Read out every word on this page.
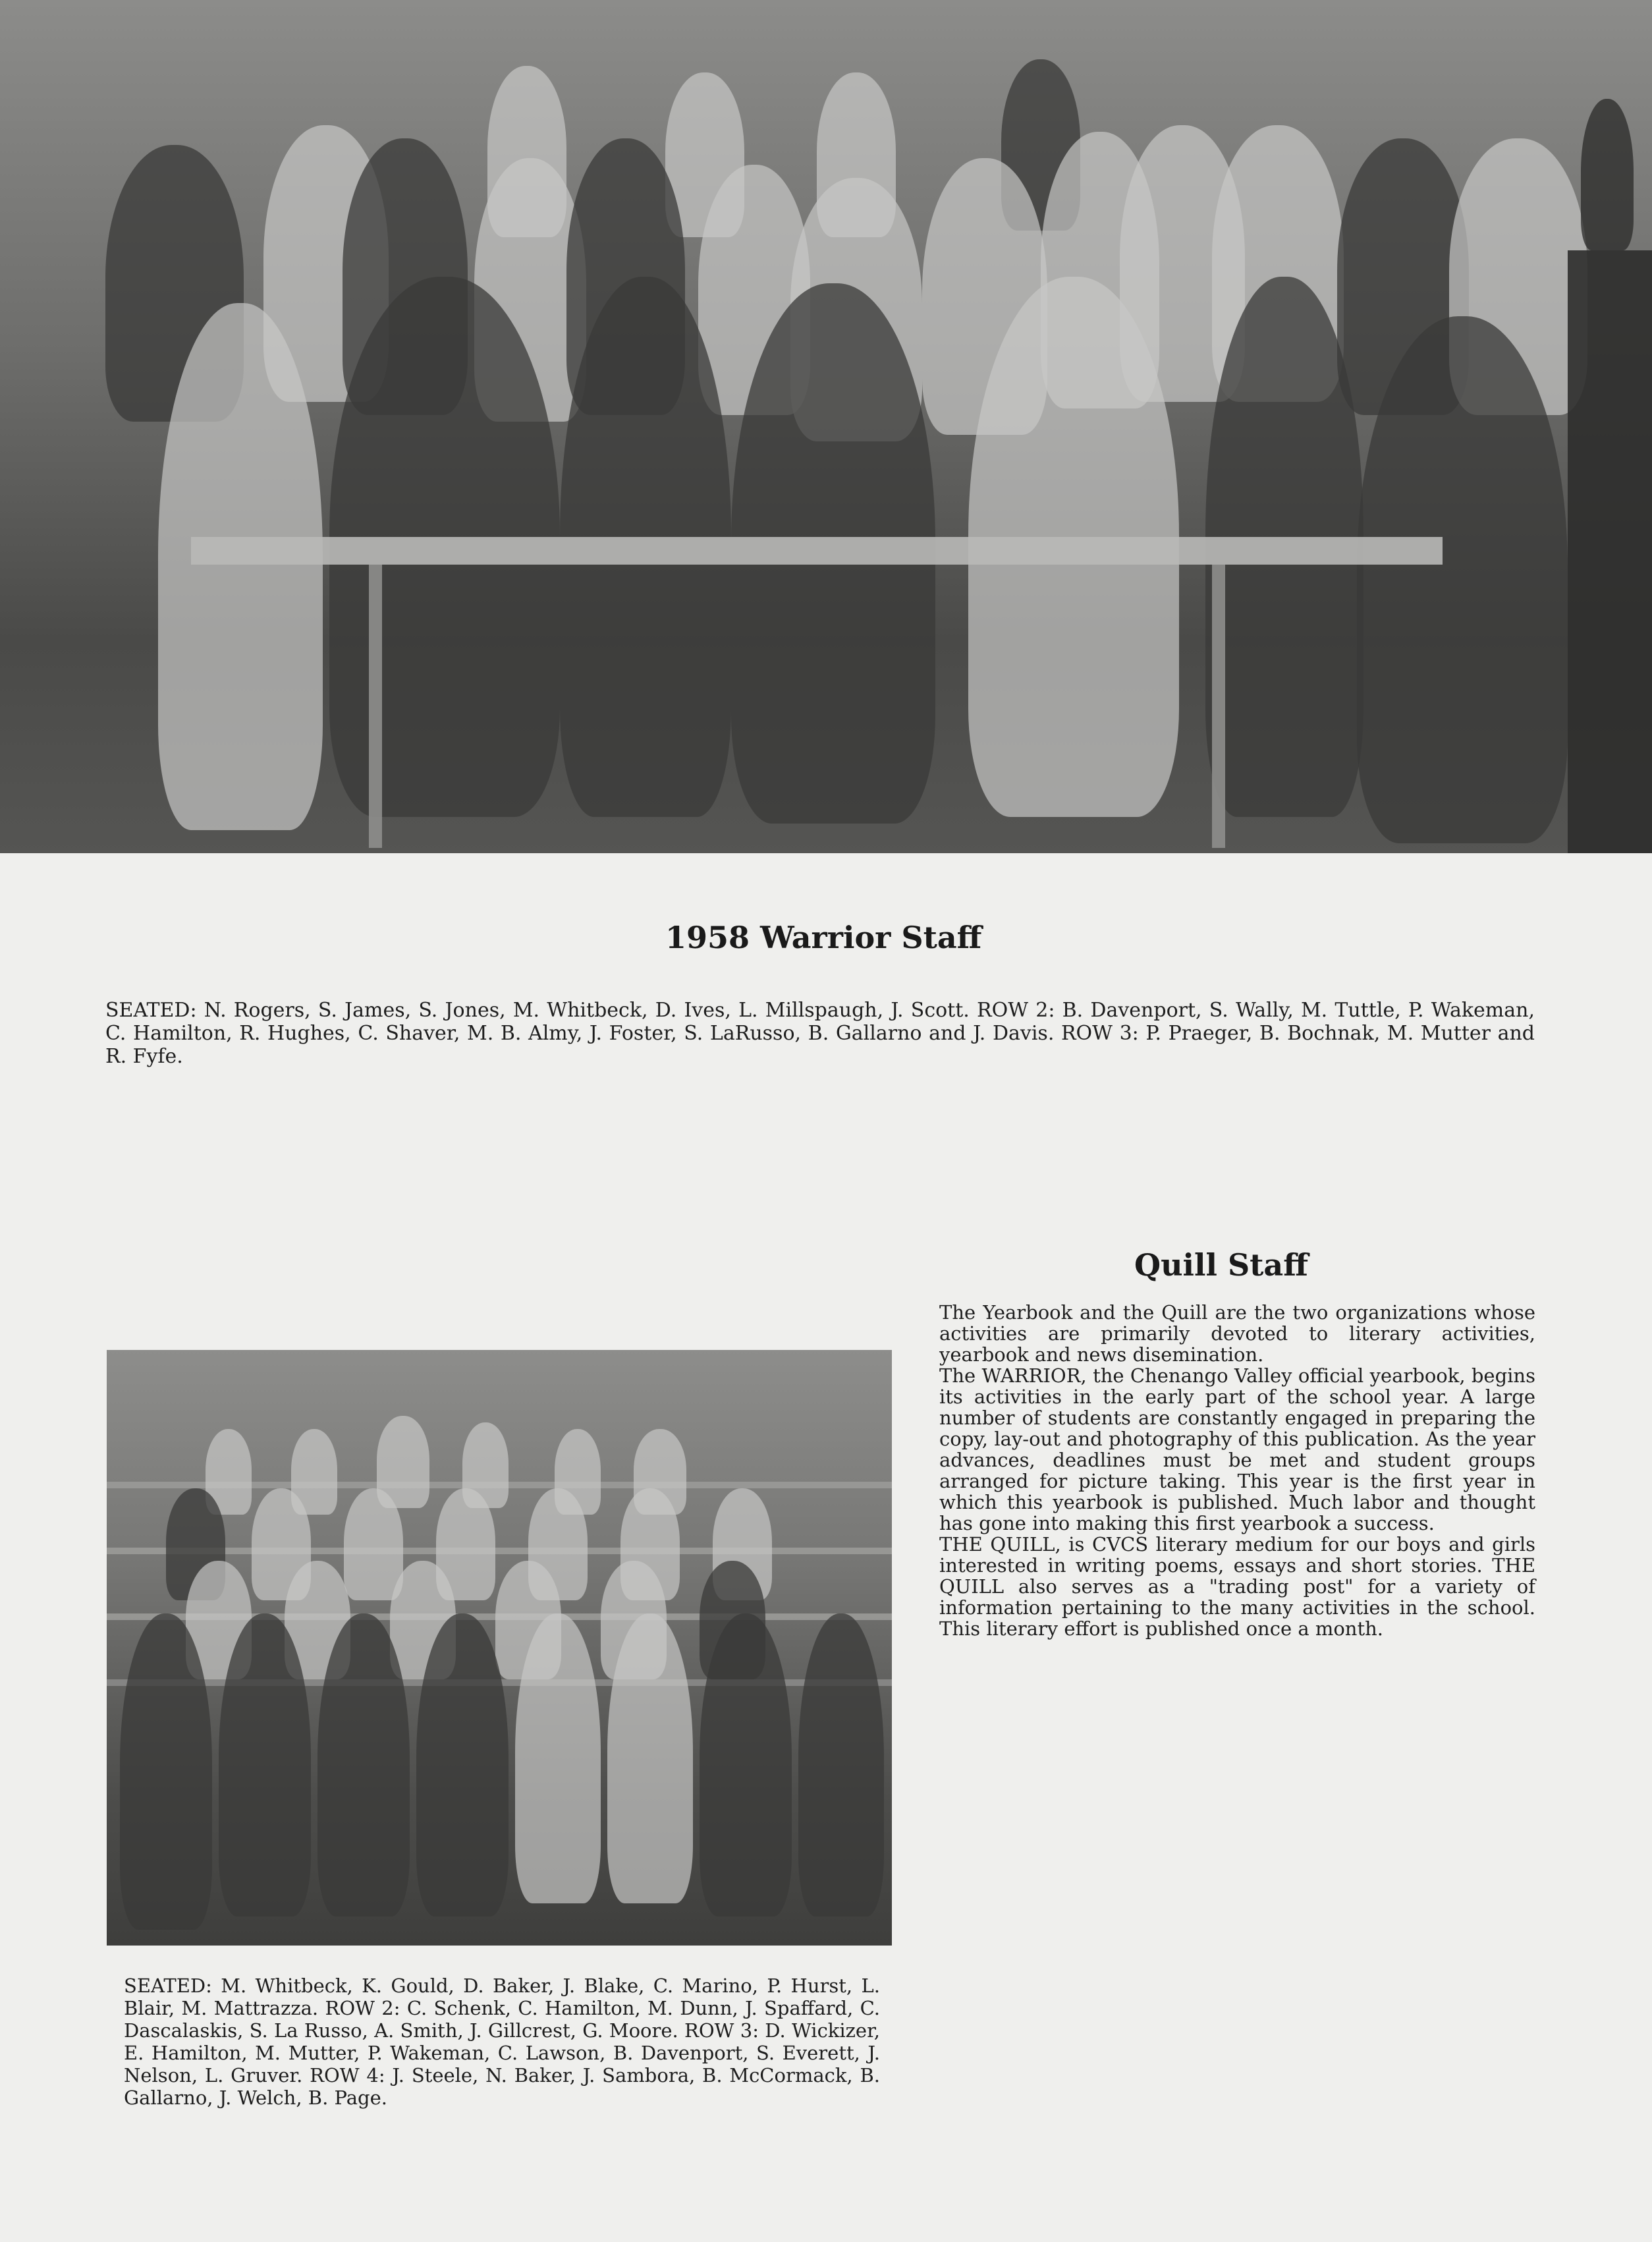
1958 Warrior Staff
SEATED: N. Rogers, S. James, S. Jones, M. Whitbeck, D. Ives, L. Millspaugh, J. Scott. ROW 2: B. Davenport, S. Wally, M. Tuttle, P. Wakeman, C. Hamilton, R. Hughes, C. Shaver, M. B. Almy, J. Foster, S. LaRusso, B. Gallarno and J. Davis. ROW 3: P. Praeger, B. Bochnak, M. Mutter and R. Fyfe.
Quill Staff

The Yearbook and the Quill are the two organizations whose activities are primarily devoted to literary activities, yearbook and news disemination.

The WARRIOR, the Chenango Valley official yearbook, begins its activities in the early part of the school year. A large number of students are constantly engaged in preparing the copy, lay-out and photography of this publication. As the year advances, deadlines must be met and student groups arranged for picture taking. This year is the first year in which this yearbook is published. Much labor and thought has gone into making this first yearbook a success.

THE QUILL, is CVCS literary medium for our boys and girls interested in writing poems, essays and short stories. THE QUILL also serves as a "trading post" for a variety of information pertaining to the many activities in the school. This literary effort is published once a month.

SEATED: M. Whitbeck, K. Gould, D. Baker, J. Blake, C. Marino, P. Hurst, L. Blair, M. Mattrazza. ROW 2: C. Schenk, C. Hamilton, M. Dunn, J. Spaffard, C. Dascalaskis, S. La Russo, A. Smith, J. Gillcrest, G. Moore. ROW 3: D. Wickizer, E. Hamilton, M. Mutter, P. Wakeman, C. Lawson, B. Davenport, S. Everett, J. Nelson, L. Gruver. ROW 4: J. Steele, N. Baker, J. Sambora, B. McCormack, B. Gallarno, J. Welch, B. Page.
